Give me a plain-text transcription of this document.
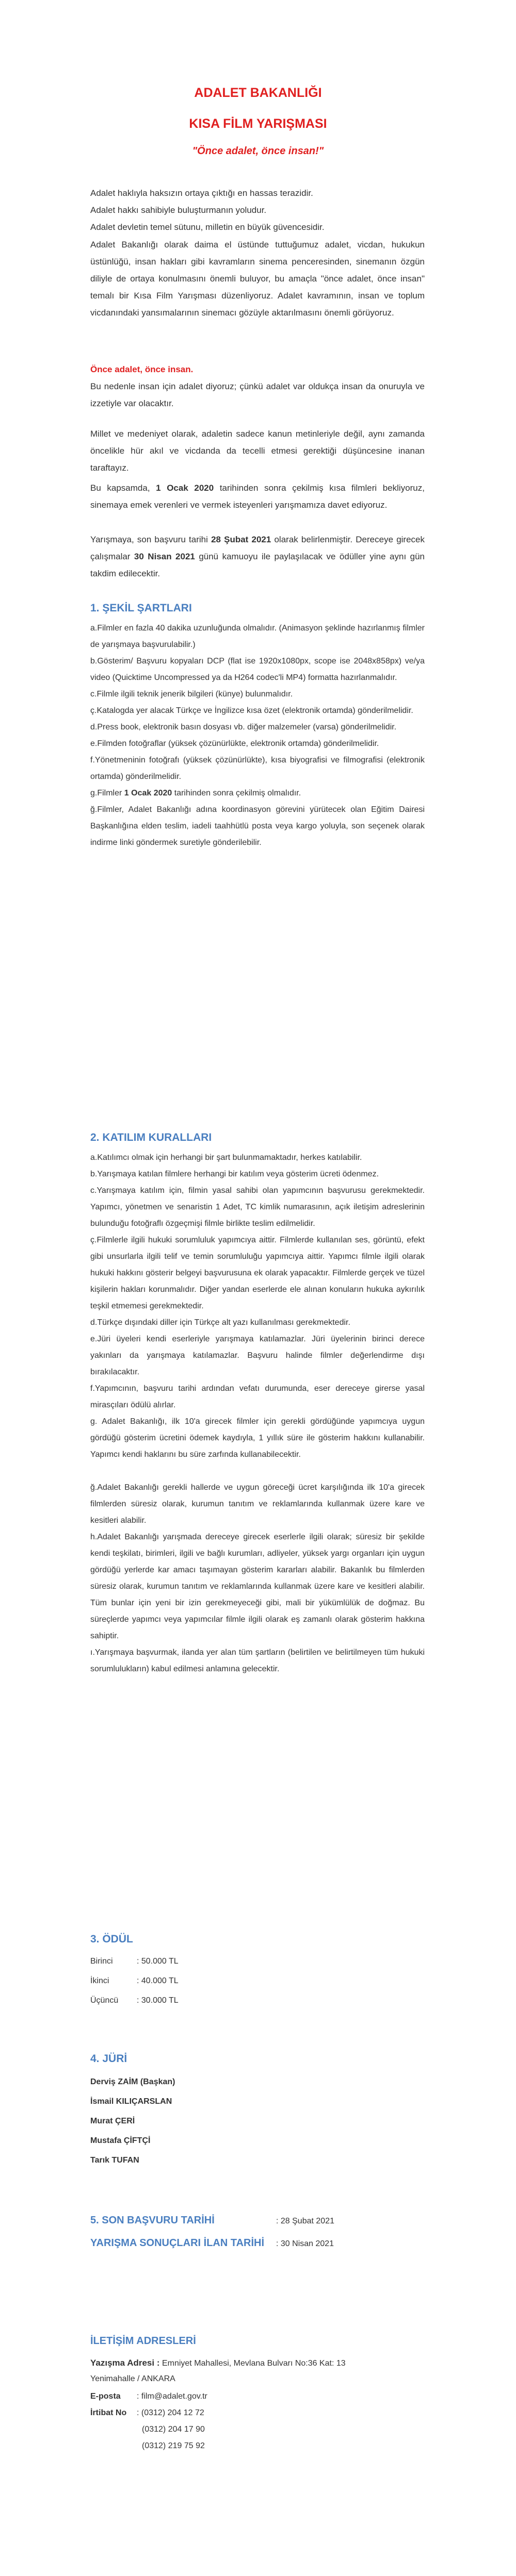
ADALET BAKANLIĞI
KISA FİLM YARIŞMASI
"Önce adalet, önce insan!"

Adalet haklıyla haksızın ortaya çıktığı en hassas terazidir.

Adalet hakkı sahibiyle buluşturmanın yoludur.

Adalet devletin temel sütunu, milletin en büyük güvencesidir.

Adalet Bakanlığı olarak daima el üstünde tuttuğumuz adalet, vicdan, hukukun üstünlüğü, insan hakları gibi kavramların sinema penceresinden, sinemanın özgün diliyle de ortaya konulmasını önemli buluyor, bu amaçla "önce adalet, önce insan" temalı bir Kısa Film Yarışması düzenliyoruz. Adalet kavramının, insan ve toplum vicdanındaki yansımalarının sinemacı gözüyle aktarılmasını önemli görüyoruz.

Önce adalet, önce insan.

Bu nedenle insan için adalet diyoruz; çünkü adalet var oldukça insan da onuruyla ve izzetiyle var olacaktır.

Millet ve medeniyet olarak, adaletin sadece kanun metinleriyle değil, aynı zamanda öncelikle hür akıl ve vicdanda da tecelli etmesi gerektiği düşüncesine inanan taraftayız.

Bu kapsamda, 1 Ocak 2020 tarihinden sonra çekilmiş kısa filmleri bekliyoruz, sinemaya emek verenleri ve vermek isteyenleri yarışmamıza davet ediyoruz.

Yarışmaya, son başvuru tarihi 28 Şubat 2021 olarak belirlenmiştir. Dereceye girecek çalışmalar 30 Nisan 2021 günü kamuoyu ile paylaşılacak ve ödüller yine aynı gün takdim edilecektir.

1. ŞEKİL ŞARTLARI

a.Filmler en fazla 40 dakika uzunluğunda olmalıdır. (Animasyon şeklinde hazırlanmış filmler de yarışmaya başvurulabilir.)

b.Gösterim/ Başvuru kopyaları DCP (flat ise 1920x1080px, scope ise 2048x858px) ve/ya video (Quicktime Uncompressed ya da H264 codec'li MP4) formatta hazırlanmalıdır.

c.Filmle ilgili teknik jenerik bilgileri (künye) bulunmalıdır.

ç.Katalogda yer alacak Türkçe ve İngilizce kısa özet (elektronik ortamda) gönderilmelidir.

d.Press book, elektronik basın dosyası vb. diğer malzemeler (varsa) gönderilmelidir.

e.Filmden fotoğraflar (yüksek çözünürlükte, elektronik ortamda) gönderilmelidir.

f.Yönetmeninin fotoğrafı (yüksek çözünürlükte), kısa biyografisi ve filmografisi (elektronik ortamda) gönderilmelidir.

g.Filmler 1 Ocak 2020 tarihinden sonra çekilmiş olmalıdır.

ğ.Filmler, Adalet Bakanlığı adına koordinasyon görevini yürütecek olan Eğitim Dairesi Başkanlığına elden teslim, iadeli taahhütlü posta veya kargo yoluyla, son seçenek olarak indirme linki göndermek suretiyle gönderilebilir.

2. KATILIM KURALLARI

a.Katılımcı olmak için herhangi bir şart bulunmamaktadır, herkes katılabilir.

b.Yarışmaya katılan filmlere herhangi bir katılım veya gösterim ücreti ödenmez.

c.Yarışmaya katılım için, filmin yasal sahibi olan yapımcının başvurusu gerekmektedir. Yapımcı, yönetmen ve senaristin 1 Adet, TC kimlik numarasının, açık iletişim adreslerinin bulunduğu fotoğraflı özgeçmişi filmle birlikte teslim edilmelidir.

ç.Filmlerle ilgili hukuki sorumluluk yapımcıya aittir. Filmlerde kullanılan ses, görüntü, efekt gibi unsurlarla ilgili telif ve temin sorumluluğu yapımcıya aittir. Yapımcı filmle ilgili olarak hukuki hakkını gösterir belgeyi başvurusuna ek olarak yapacaktır. Filmlerde gerçek ve tüzel kişilerin hakları korunmalıdır. Diğer yandan eserlerde ele alınan konuların hukuka aykırılık teşkil etmemesi gerekmektedir.

d.Türkçe dışındaki diller için Türkçe alt yazı kullanılması gerekmektedir.

e.Jüri üyeleri kendi eserleriyle yarışmaya katılamazlar. Jüri üyelerinin birinci derece yakınları da yarışmaya katılamazlar. Başvuru halinde filmler değerlendirme dışı bırakılacaktır.

f.Yapımcının, başvuru tarihi ardından vefatı durumunda, eser dereceye girerse yasal mirasçıları ödülü alırlar.

g. Adalet Bakanlığı, ilk 10'a girecek filmler için gerekli gördüğünde yapımcıya uygun gördüğü gösterim ücretini ödemek kaydıyla, 1 yıllık süre ile gösterim hakkını kullanabilir. Yapımcı kendi haklarını bu süre zarfında kullanabilecektir.

ğ.Adalet Bakanlığı gerekli hallerde ve uygun göreceği ücret karşılığında ilk 10'a girecek filmlerden süresiz olarak, kurumun tanıtım ve reklamlarında kullanmak üzere kare ve kesitleri alabilir.

h.Adalet Bakanlığı yarışmada dereceye girecek eserlerle ilgili olarak; süresiz bir şekilde kendi teşkilatı, birimleri, ilgili ve bağlı kurumları, adliyeler, yüksek yargı organları için uygun gördüğü yerlerde kar amacı taşımayan gösterim kararları alabilir. Bakanlık bu filmlerden süresiz olarak, kurumun tanıtım ve reklamlarında kullanmak üzere kare ve kesitleri alabilir. Tüm bunlar için yeni bir izin gerekmeyeceği gibi, mali bir yükümlülük de doğmaz. Bu süreçlerde yapımcı veya yapımcılar filmle ilgili olarak eş zamanlı olarak gösterim hakkına sahiptir.

ı.Yarışmaya başvurmak, ilanda yer alan tüm şartların (belirtilen ve belirtilmeyen tüm hukuki sorumlulukların) kabul edilmesi anlamına gelecektir.

3. ÖDÜL
Birinci	: 50.000 TL
İkinci	: 40.000 TL
Üçüncü : 30.000 TL
4. JÜRİ
Derviş ZAİM (Başkan)
İsmail KILIÇARSLAN
Murat ÇERİ
Mustafa ÇİFTÇİ
Tarık TUFAN
5. SON BAŞVURU TARİHİ	: 28 Şubat 2021
YARIŞMA SONUÇLARI İLAN TARİHİ : 30 Nisan 2021
İLETİŞİM ADRESLERİ
Yazışma Adresi : Emniyet Mahallesi, Mevlana Bulvarı No:36 Kat: 13
Yenimahalle / ANKARA
E-posta : film@adalet.gov.tr
İrtibat No : (0312) 204 12 72
(0312) 204 17 90
(0312) 219 75 92
